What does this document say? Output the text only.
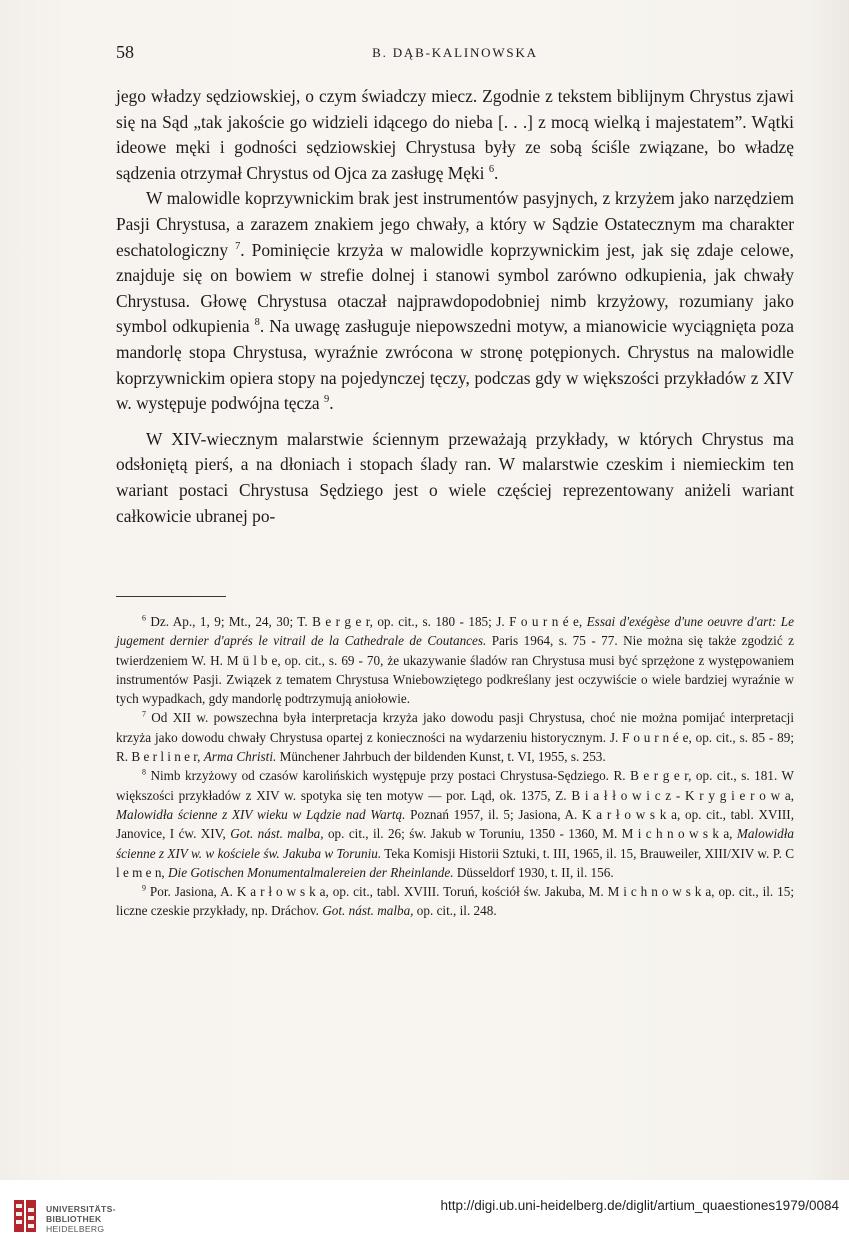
58	B. DĄB-KALINOWSKA

jego władzy sędziowskiej, o czym świadczy miecz. Zgodnie z tekstem biblijnym Chrystus zjawi się na Sąd „tak jakoście go widzieli idącego do nieba [. . .] z mocą wielką i majestatem”. Wątki ideowe męki i godności sędziowskiej Chrystusa były ze sobą ściśle związane, bo władzę sądzenia otrzymał Chrystus od Ojca za zasługę Męki $^6$.

W malowidle koprzywnickim brak jest instrumentów pasyjnych, z krzyżem jako narzędziem Pasji Chrystusa, a zarazem znakiem jego chwały, a który w Sądzie Ostatecznym ma charakter eschatologiczny $^7$. Pominięcie krzyża w malowidle koprzywnickim jest, jak się zdaje celowe, znajduje się on bowiem w strefie dolnej i stanowi symbol zarówno odkupienia, jak chwały Chrystusa. Głowę Chrystusa otaczał najprawdopodobniej nimb krzyżowy, rozumiany jako symbol odkupienia $^8$. Na uwagę zasługuje niepowszedni motyw, a mianowicie wyciągnięta poza mandorlę stopa Chrystusa, wyraźnie zwrócona w stronę potępionych. Chrystus na malowidle koprzywnickim opiera stopy na pojedynczej tęczy, podczas gdy w większości przykładów z XIV w. występuje podwójna tęcza $^9$.

W XIV-wiecznym malarstwie ściennym przeważają przykłady, w których Chrystus ma odsłoniętą pierś, a na dłoniach i stopach ślady ran. W malarstwie czeskim i niemieckim ten wariant postaci Chrystusa Sędziego jest o wiele częściej reprezentowany aniżeli wariant całkowicie ubranej po-

$^6$ Dz. Ap., 1, 9; Mt., 24, 30; T. B e r g e r, op. cit., s. 180 - 185; J. F o u r n é e, Essai d'exégèse d'une oeuvre d'art: Le jugement dernier d'aprés le vitrail de la Cathedrale de Coutances. Paris 1964, s. 75 - 77. Nie można się także zgodzić z twierdzeniem W. H. M ü l b e, op. cit., s. 69 - 70, że ukazywanie śladów ran Chrystusa musi być sprzężone z występowaniem instrumentów Pasji. Związek z tematem Chrystusa Wniebowziętego podkreślany jest oczywiście o wiele bardziej wyraźnie w tych wypadkach, gdy mandorlę podtrzymują aniołowie.

$^7$ Od XII w. powszechna była interpretacja krzyża jako dowodu pasji Chrystusa, choć nie można pomijać interpretacji krzyża jako dowodu chwały Chrystusa opartej z konieczności na wydarzeniu historycznym. J. F o u r n é e, op. cit., s. 85 - 89; R. B e r l i n e r, Arma Christi. Münchener Jahrbuch der bildenden Kunst, t. VI, 1955, s. 253.

$^8$ Nimb krzyżowy od czasów karolińskich występuje przy postaci Chrystusa-Sędziego. R. B e r g e r, op. cit., s. 181. W większości przykładów z XIV w. spotyka się ten motyw — por. Ląd, ok. 1375, Z. B i a ł ł o w i c z - K r y g i e r o w a, Malowidła ścienne z XIV wieku w Lądzie nad Wartą. Poznań 1957, il. 5; Jasiona, A. K a r ł o w s k a, op. cit., tabl. XVIII, Janovice, I ćw. XIV, Got. nást. malba, op. cit., il. 26; św. Jakub w Toruniu, 1350 - 1360, M. M i c h n o w s k a, Malowidła ścienne z XIV w. w kościele św. Jakuba w Toruniu. Teka Komisji Historii Sztuki, t. III, 1965, il. 15, Brauweiler, XIII/XIV w. P. C l e m e n, Die Gotischen Monumentalmalereien der Rheinlande. Düsseldorf 1930, t. II, il. 156.

$^9$ Por. Jasiona, A. K a r ł o w s k a, op. cit., tabl. XVIII. Toruń, kościół św. Jakuba, M. M i c h n o w s k a, op. cit., il. 15; liczne czeskie przykłady, np. Dráchov. Got. nást. malba, op. cit., il. 248.

UNIVERSITÄTS-
BIBLIOTHEK
HEIDELBERG
http://digi.ub.uni-heidelberg.de/diglit/artium_quaestiones1979/0084
